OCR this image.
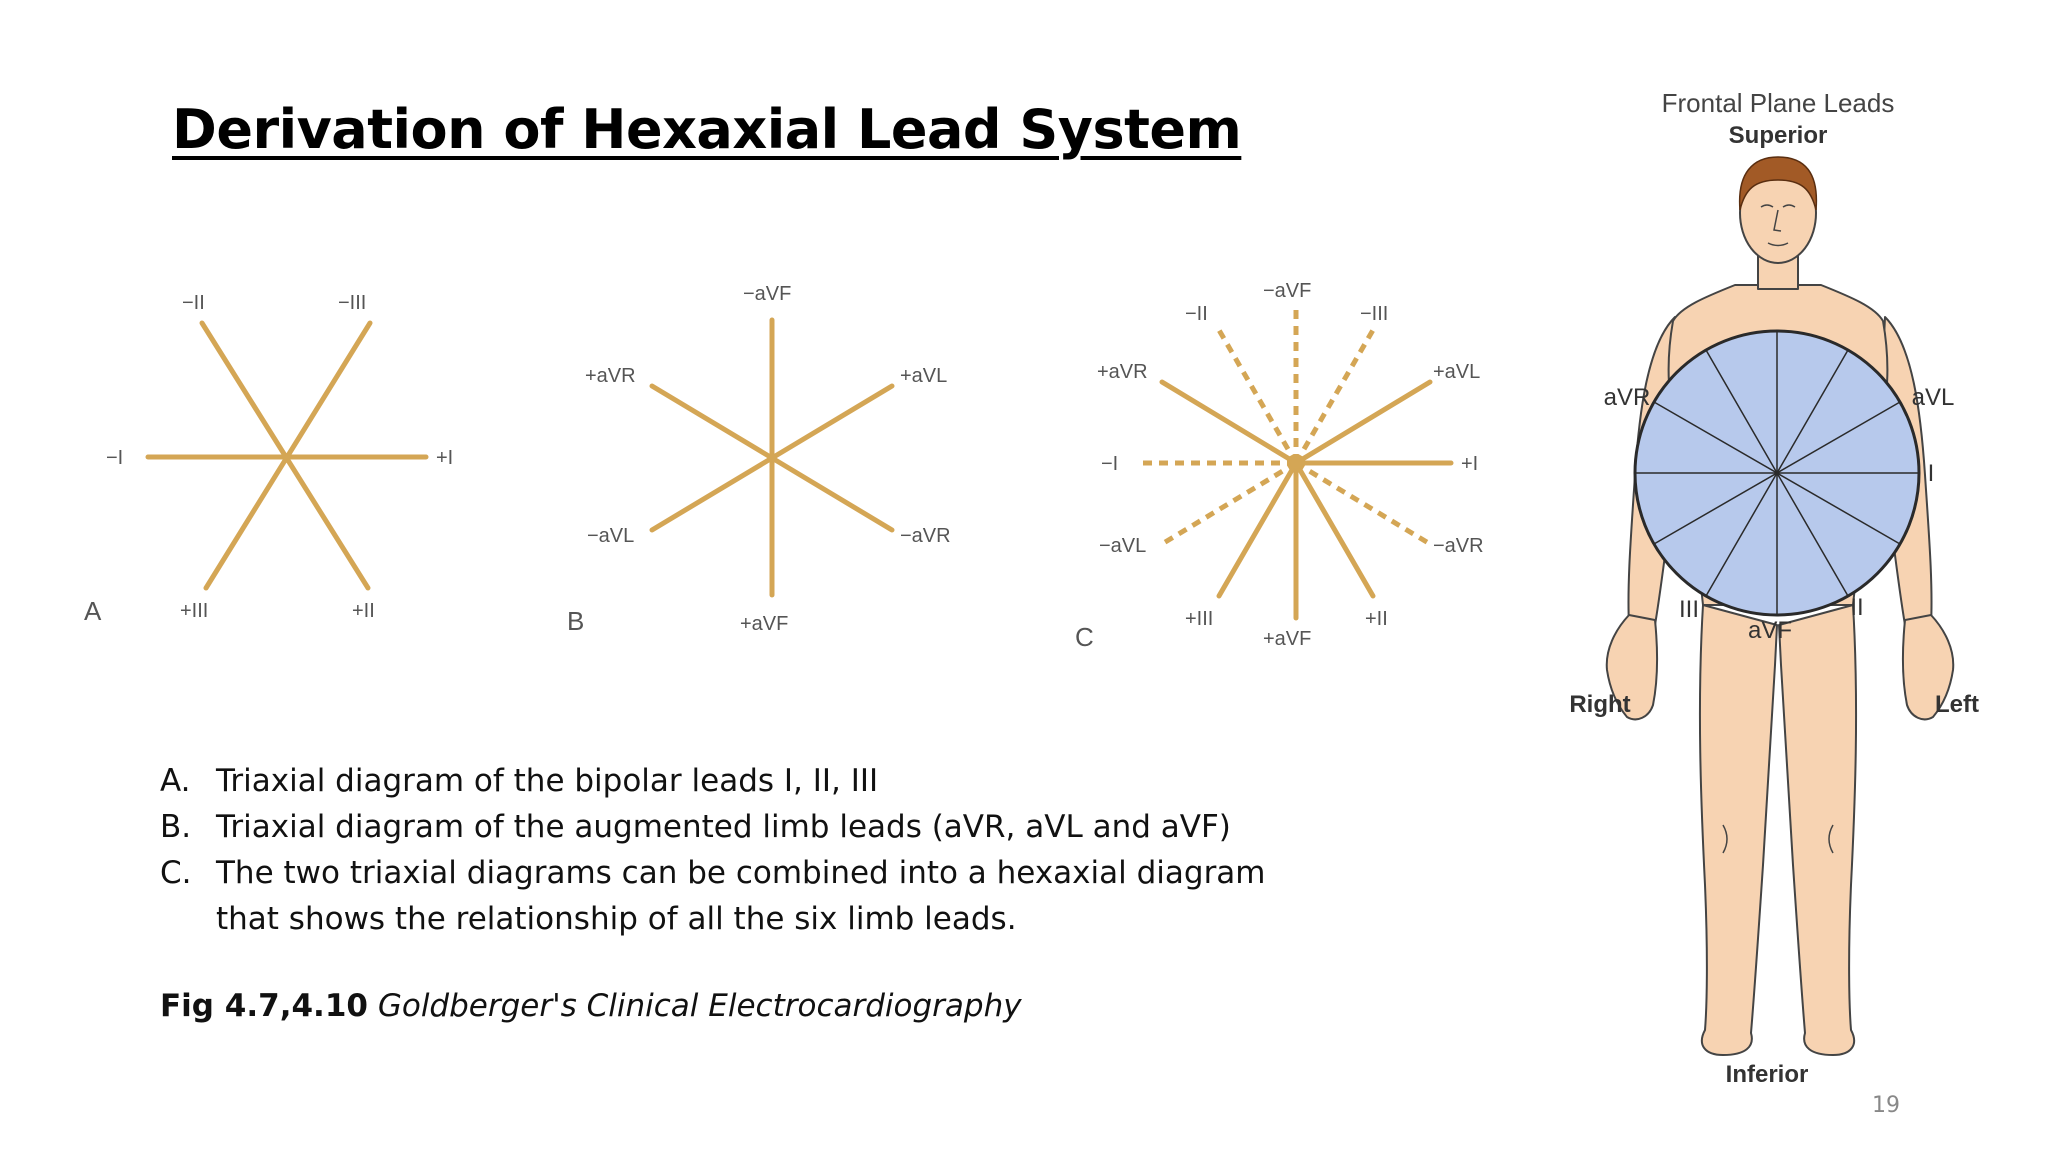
Derivation of Hexaxial Lead System
−II	−III
−I	+I
+III	+II
A
−aVF
+aVR	+aVL
−aVL	−aVR
+aVF
B
−aVF
−II	−III
+aVR	+aVL
−I	+I
−aVL	−aVR
+III	+II
+aVF
C
Frontal Plane Leads
Superior
aVR	aVL
I
III	II
aVF
Right	Left
Inferior
A. Triaxial diagram of the bipolar leads I, II, III
B. Triaxial diagram of the augmented limb leads (aVR, aVL and aVF)
C. The two triaxial diagrams can be combined into a hexaxial diagram that shows the relationship of all the six limb leads.

Fig 4.7,4.10 Goldberger's Clinical Electrocardiography

19
